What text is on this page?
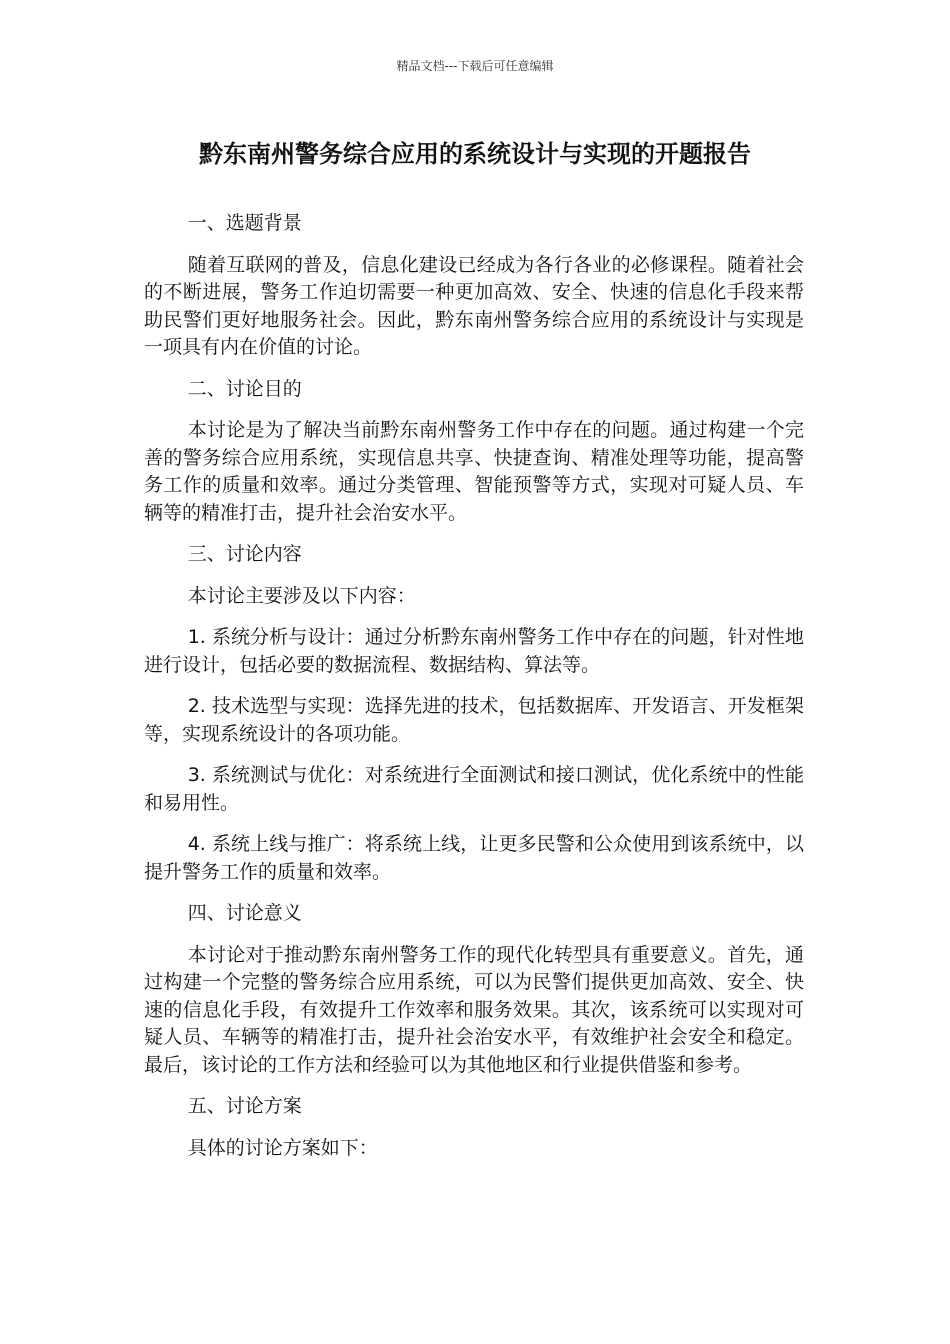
精品文档---下载后可任意编辑
黔东南州警务综合应用的系统设计与实现的开题报告

一、选题背景

随着互联网的普及，信息化建设已经成为各行各业的必修课程。随着社会的不断进展，警务工作迫切需要一种更加高效、安全、快速的信息化手段来帮助民警们更好地服务社会。因此，黔东南州警务综合应用的系统设计与实现是一项具有内在价值的讨论。

二、讨论目的

本讨论是为了解决当前黔东南州警务工作中存在的问题。通过构建一个完善的警务综合应用系统，实现信息共享、快捷查询、精准处理等功能，提高警务工作的质量和效率。通过分类管理、智能预警等方式，实现对可疑人员、车辆等的精准打击，提升社会治安水平。

三、讨论内容

本讨论主要涉及以下内容：

1. 系统分析与设计：通过分析黔东南州警务工作中存在的问题，针对性地进行设计，包括必要的数据流程、数据结构、算法等。

2. 技术选型与实现：选择先进的技术，包括数据库、开发语言、开发框架等，实现系统设计的各项功能。

3. 系统测试与优化：对系统进行全面测试和接口测试，优化系统中的性能和易用性。

4. 系统上线与推广：将系统上线，让更多民警和公众使用到该系统中，以提升警务工作的质量和效率。

四、讨论意义

本讨论对于推动黔东南州警务工作的现代化转型具有重要意义。首先，通过构建一个完整的警务综合应用系统，可以为民警们提供更加高效、安全、快速的信息化手段，有效提升工作效率和服务效果。其次，该系统可以实现对可疑人员、车辆等的精准打击，提升社会治安水平，有效维护社会安全和稳定。最后，该讨论的工作方法和经验可以为其他地区和行业提供借鉴和参考。

五、讨论方案

具体的讨论方案如下：
